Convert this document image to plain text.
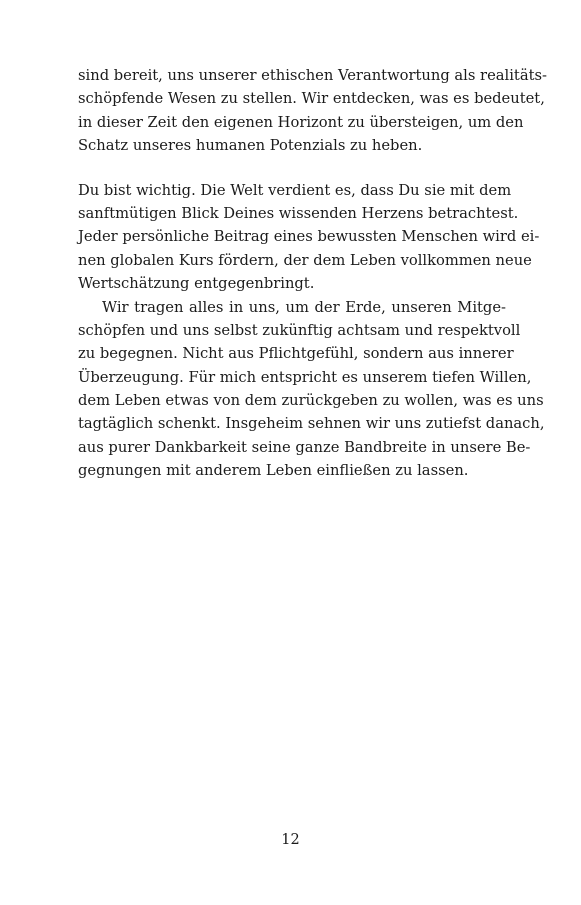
sind bereit, uns unserer ethischen Verantwortung als realitäts-
schöpfende Wesen zu stellen. Wir entdecken, was es bedeutet,
in dieser Zeit den eigenen Horizont zu übersteigen, um den
Schatz unseres humanen Potenzials zu heben.
Du bist wichtig. Die Welt verdient es, dass Du sie mit dem
sanftmütigen Blick Deines wissenden Herzens betrachtest.
Jeder persönliche Beitrag eines bewussten Menschen wird ei-
nen globalen Kurs fördern, der dem Leben vollkommen neue
Wertschätzung entgegenbringt.
Wir tragen alles in uns, um der Erde, unseren Mitge-
schöpfen und uns selbst zukünftig achtsam und respektvoll
zu begegnen. Nicht aus Pflichtgefühl, sondern aus innerer
Überzeugung. Für mich entspricht es unserem tiefen Willen,
dem Leben etwas von dem zurückgeben zu wollen, was es uns
tagtäglich schenkt. Insgeheim sehnen wir uns zutiefst danach,
aus purer Dankbarkeit seine ganze Bandbreite in unsere Be-
gegnungen mit anderem Leben einfließen zu lassen.
12
